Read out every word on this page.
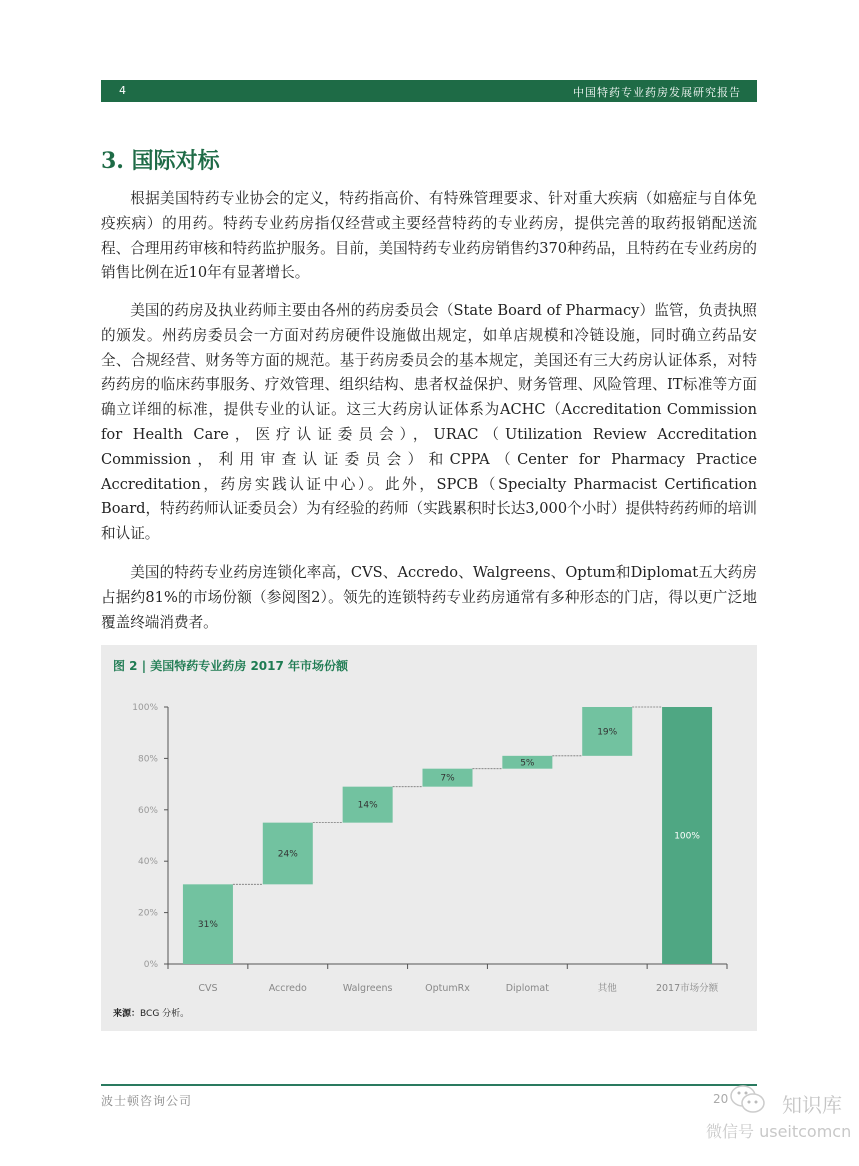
4	中国特药专业药房发展研究报告
3. 国际对标
根据美国特药专业协会的定义，特药指高价、有特殊管理要求、针对重大疾病（如癌症与自体免疫疾病）的用药。特药专业药房指仅经营或主要经营特药的专业药房，提供完善的取药报销配送流程、合理用药审核和特药监护服务。目前，美国特药专业药房销售约370种药品，且特药在专业药房的销售比例在近10年有显著增长。
美国的药房及执业药师主要由各州的药房委员会（State Board of Pharmacy）监管，负责执照的颁发。州药房委员会一方面对药房硬件设施做出规定，如单店规模和冷链设施，同时确立药品安全、合规经营、财务等方面的规范。基于药房委员会的基本规定，美国还有三大药房认证体系，对特药药房的临床药事服务、疗效管理、组织结构、患者权益保护、财务管理、风险管理、IT标准等方面确立详细的标准，提供专业的认证。这三大药房认证体系为ACHC（Accreditation Commission for Health Care，医疗认证委员会），URAC（Utilization Review Accreditation Commission，利用审查认证委员会）和CPPA（Center for Pharmacy Practice Accreditation，药房实践认证中心）。此外，SPCB（Specialty Pharmacist Certification Board，特药药师认证委员会）为有经验的药师（实践累积时长达3,000个小时）提供特药药师的培训和认证。
美国的特药专业药房连锁化率高，CVS、Accredo、Walgreens、Optum和Diplomat五大药房占据约81%的市场份额（参阅图2）。领先的连锁特药专业药房通常有多种形态的门店，得以更广泛地覆盖终端消费者。
图 2 | 美国特药专业药房 2017 年市场份额
0%
20%
40%
60%
80%
100%
31%
CVS
24%
Accredo
14%
Walgreens
7%
OptumRx
5%
Diplomat
19%
其他
100%
2017市场分额
来源：BCG 分析。
波士顿咨询公司	20	知识库
微信号 useitcomcn
